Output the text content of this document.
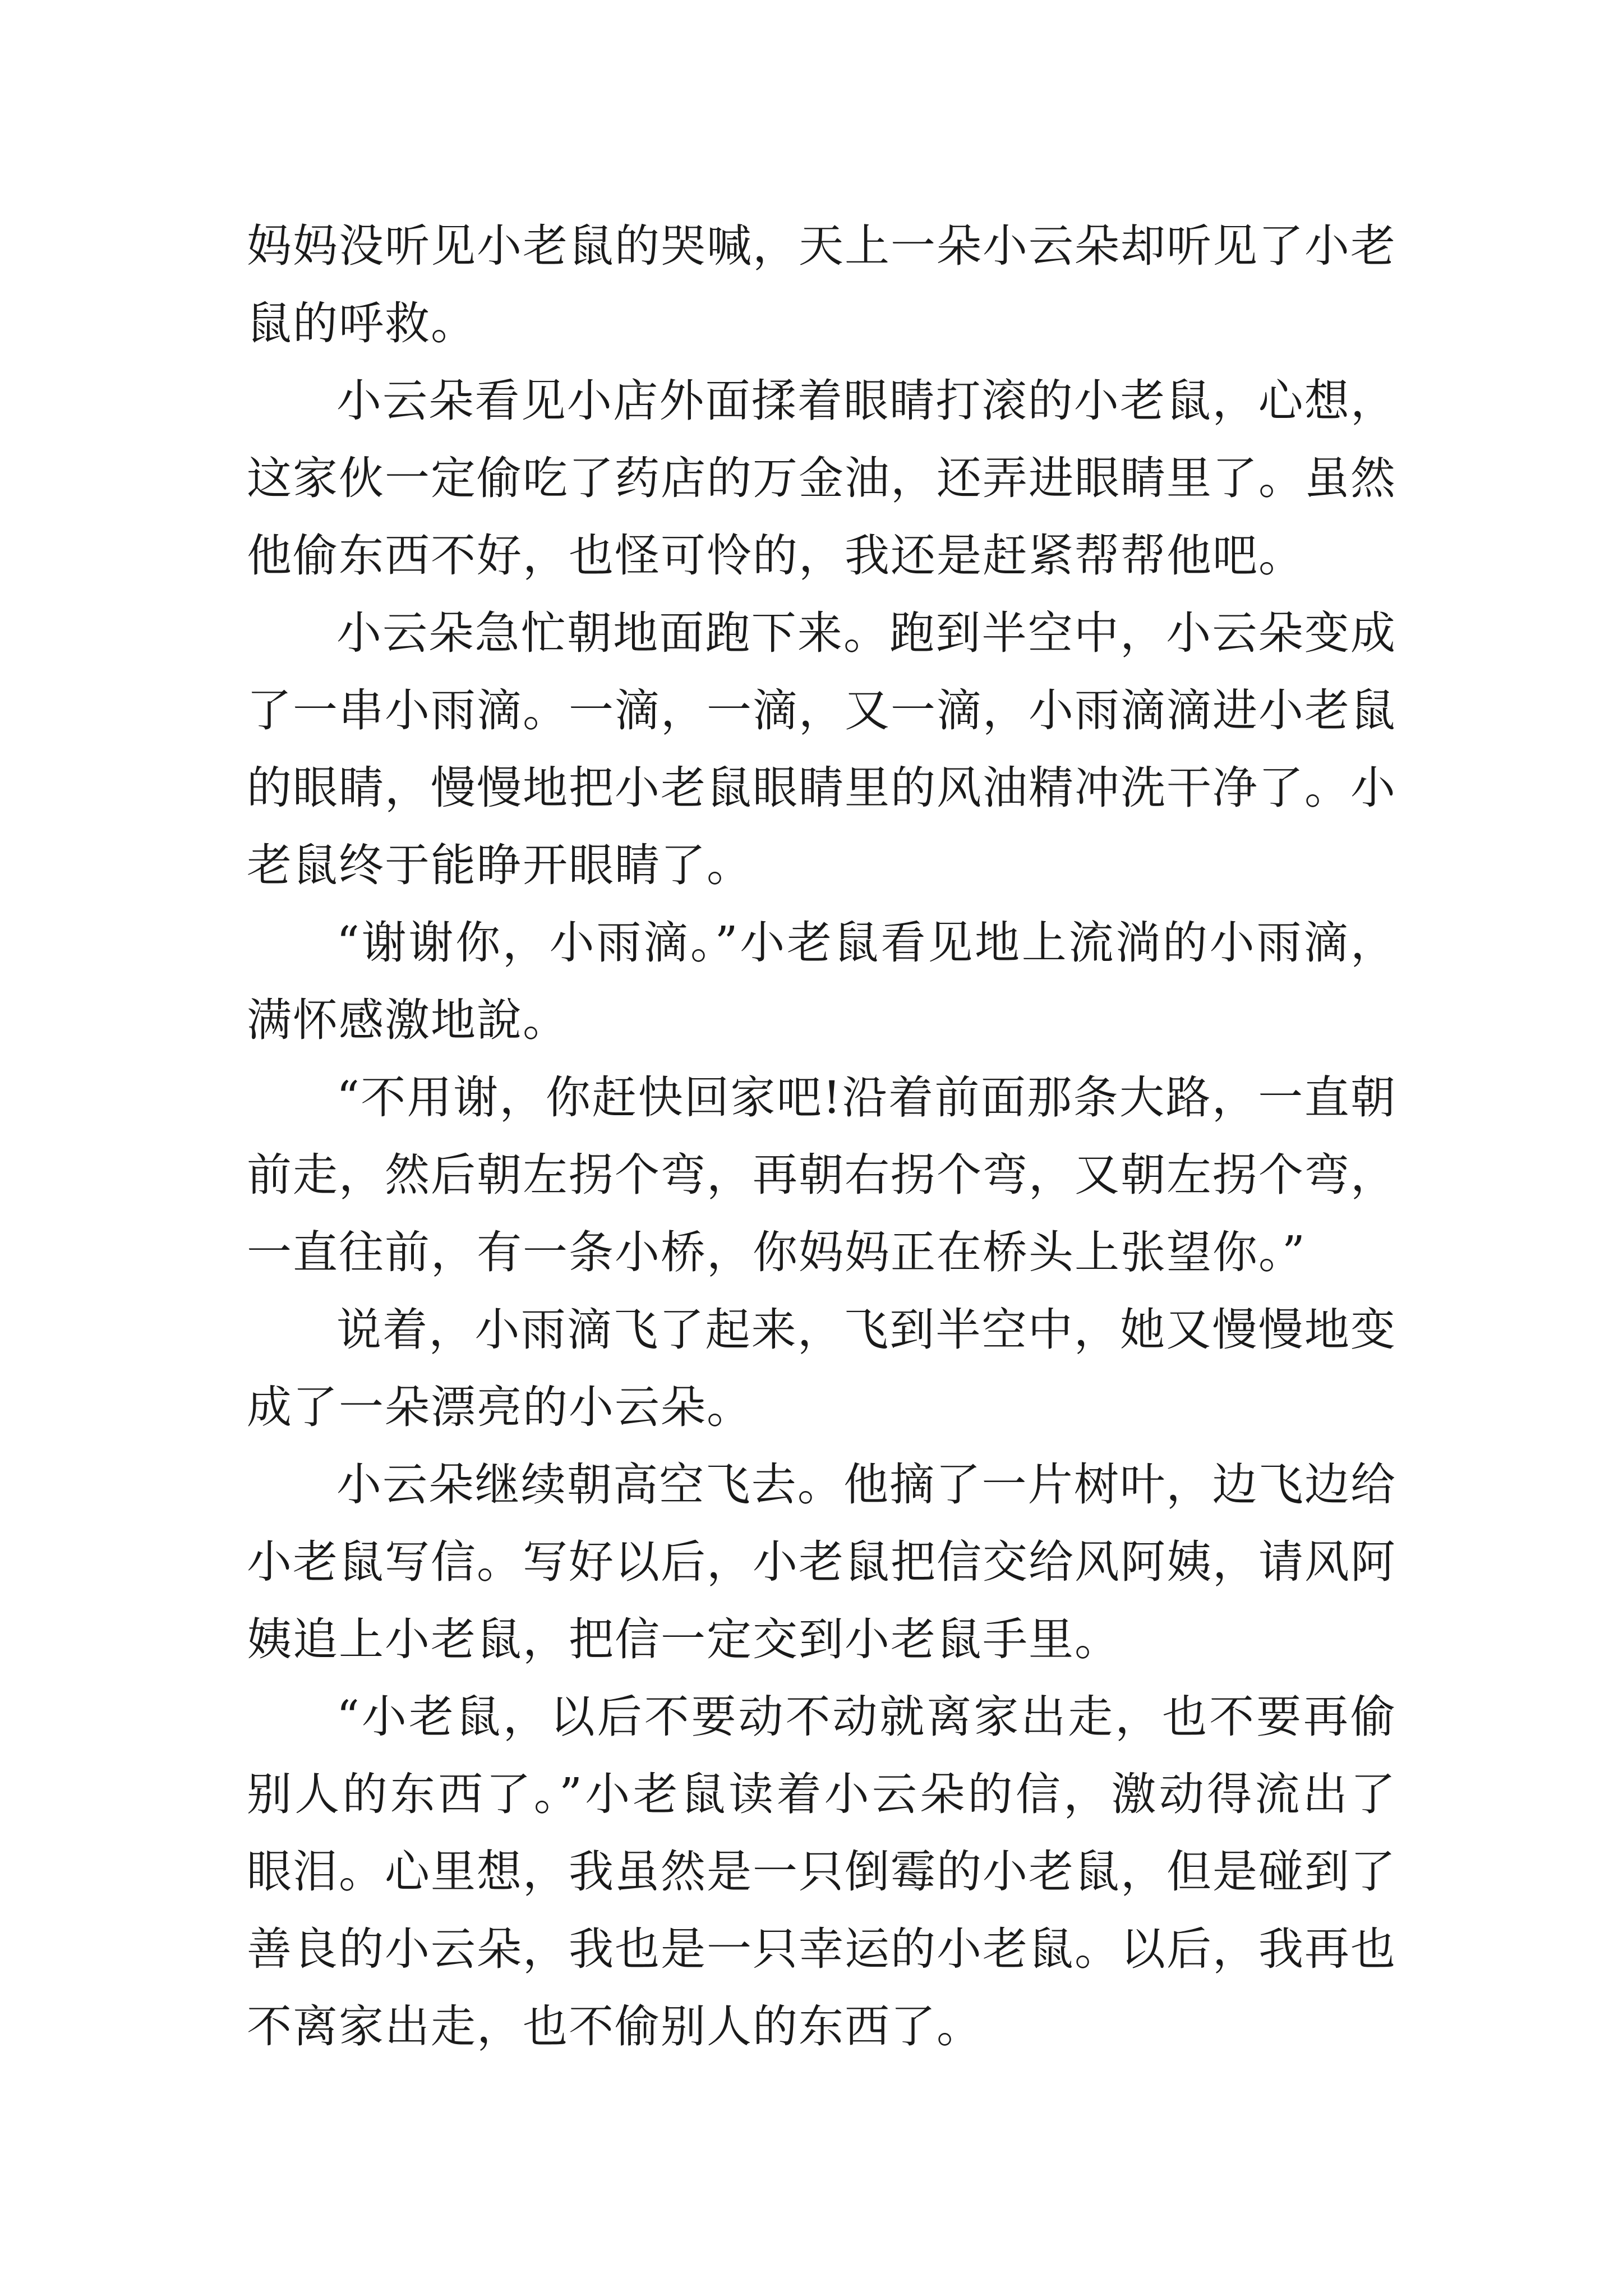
妈妈没听见小老鼠的哭喊，天上一朵小云朵却听见了小老鼠的呼救。

小云朵看见小店外面揉着眼睛打滚的小老鼠，心想，这家伙一定偷吃了药店的万金油，还弄进眼睛里了。虽然他偷东西不好，也怪可怜的，我还是赶紧帮帮他吧。

小云朵急忙朝地面跑下来。跑到半空中，小云朵变成了一串小雨滴。一滴，一滴，又一滴，小雨滴滴进小老鼠的眼睛，慢慢地把小老鼠眼睛里的风油精冲洗干净了。小老鼠终于能睁开眼睛了。

“谢谢你，小雨滴。”小老鼠看见地上流淌的小雨滴，满怀感激地說。

“不用谢，你赶快回家吧!沿着前面那条大路，一直朝前走，然后朝左拐个弯，再朝右拐个弯，又朝左拐个弯，一直往前，有一条小桥，你妈妈正在桥头上张望你。”

说着，小雨滴飞了起来，飞到半空中，她又慢慢地变成了一朵漂亮的小云朵。

小云朵继续朝高空飞去。他摘了一片树叶，边飞边给小老鼠写信。写好以后，小老鼠把信交给风阿姨，请风阿姨追上小老鼠，把信一定交到小老鼠手里。

“小老鼠，以后不要动不动就离家出走，也不要再偷别人的东西了。”小老鼠读着小云朵的信，激动得流出了眼泪。心里想，我虽然是一只倒霉的小老鼠，但是碰到了善良的小云朵，我也是一只幸运的小老鼠。以后，我再也不离家出走，也不偷别人的东西了。
